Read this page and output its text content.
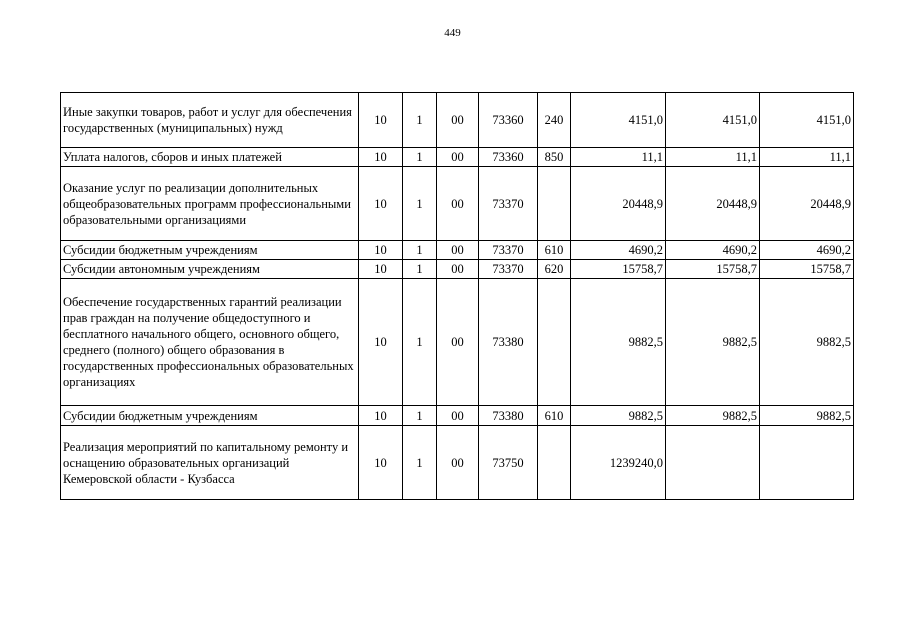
449
Иные закупки товаров, работ и услуг для обеспечения государственных (муниципальных) нужд	10	1	00	73360	240	4151,0	4151,0	4151,0
Уплата налогов, сборов и иных платежей	10	1	00	73360	850	11,1	11,1	11,1
Оказание услуг по реализации дополнительных общеобразовательных программ профессиональными образовательными организациями	10	1	00	73370		20448,9	20448,9	20448,9
Субсидии бюджетным учреждениям	10	1	00	73370	610	4690,2	4690,2	4690,2
Субсидии автономным учреждениям	10	1	00	73370	620	15758,7	15758,7	15758,7
Обеспечение государственных гарантий реализации прав граждан на получение общедоступного и бесплатного начального общего, основного общего, среднего (полного) общего образования в государственных профессиональных образовательных организациях	10	1	00	73380		9882,5	9882,5	9882,5
Субсидии бюджетным учреждениям	10	1	00	73380	610	9882,5	9882,5	9882,5
Реализация мероприятий по капитальному ремонту и оснащению образовательных организаций Кемеровской области - Кузбасса	10	1	00	73750		1239240,0		
